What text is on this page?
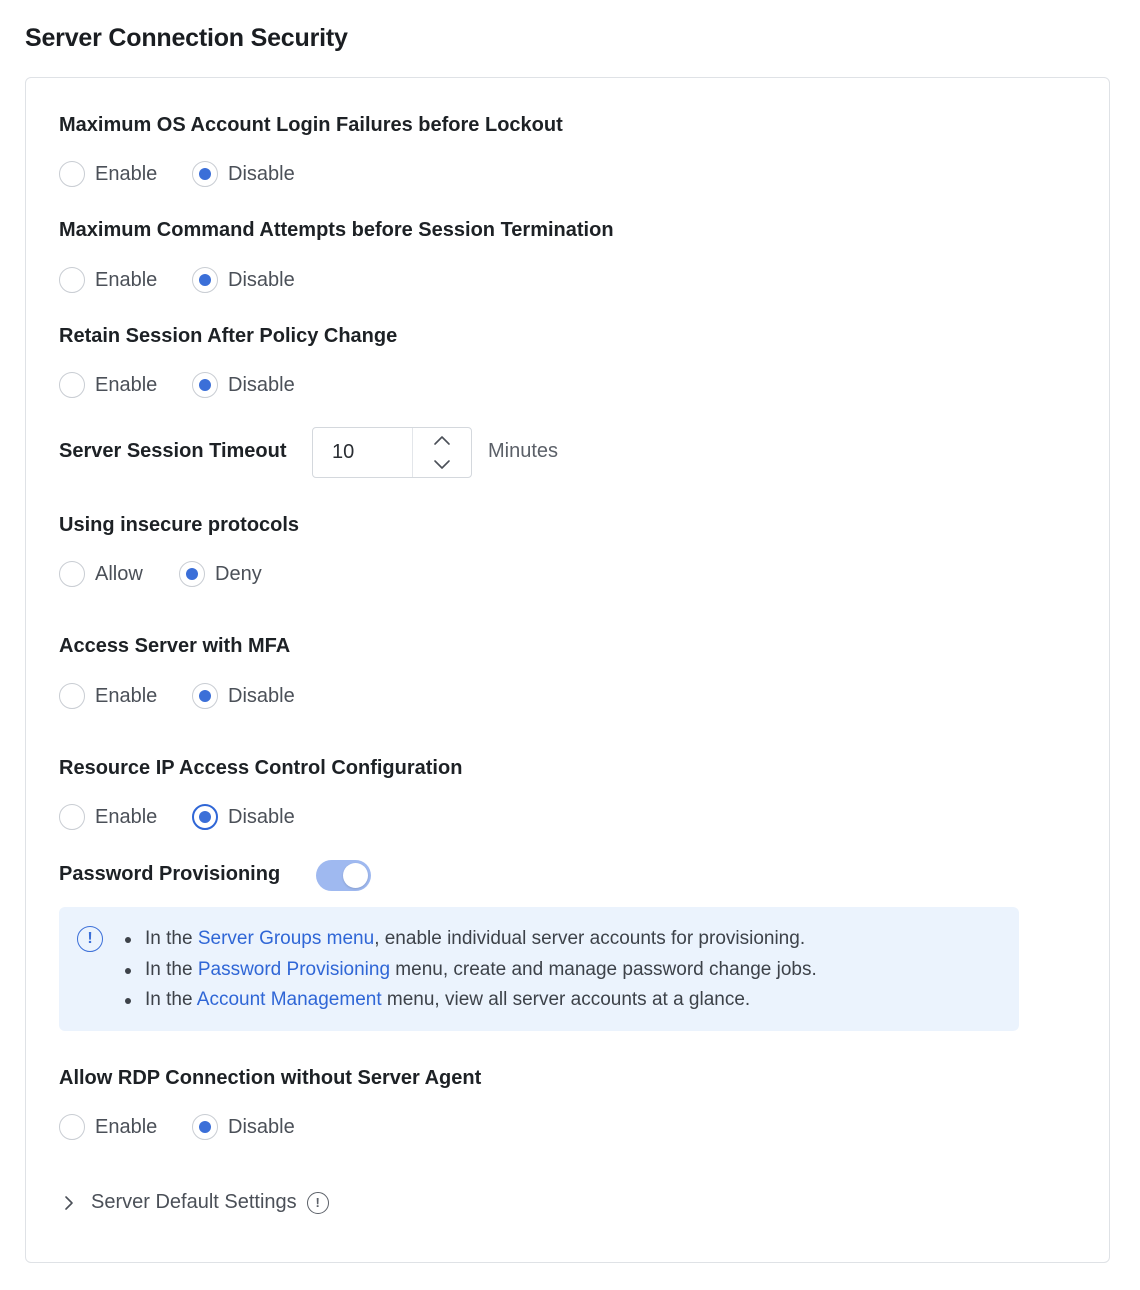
Server Connection Security
Maximum OS Account Login Failures before Lockout
Enable	Disable
Maximum Command Attempts before Session Termination
Enable	Disable
Retain Session After Policy Change
Enable	Disable
Server Session Timeout	10	Minutes
Using insecure protocols
Allow	Deny
Access Server with MFA
Enable	Disable
Resource IP Access Control Configuration
Enable	Disable
Password Provisioning
!	In the Server Groups menu, enable individual server accounts for provisioning.
In the Password Provisioning menu, create and manage password change jobs.
In the Account Management menu, view all server accounts at a glance.
Allow RDP Connection without Server Agent
Enable	Disable
Server Default Settings	!
